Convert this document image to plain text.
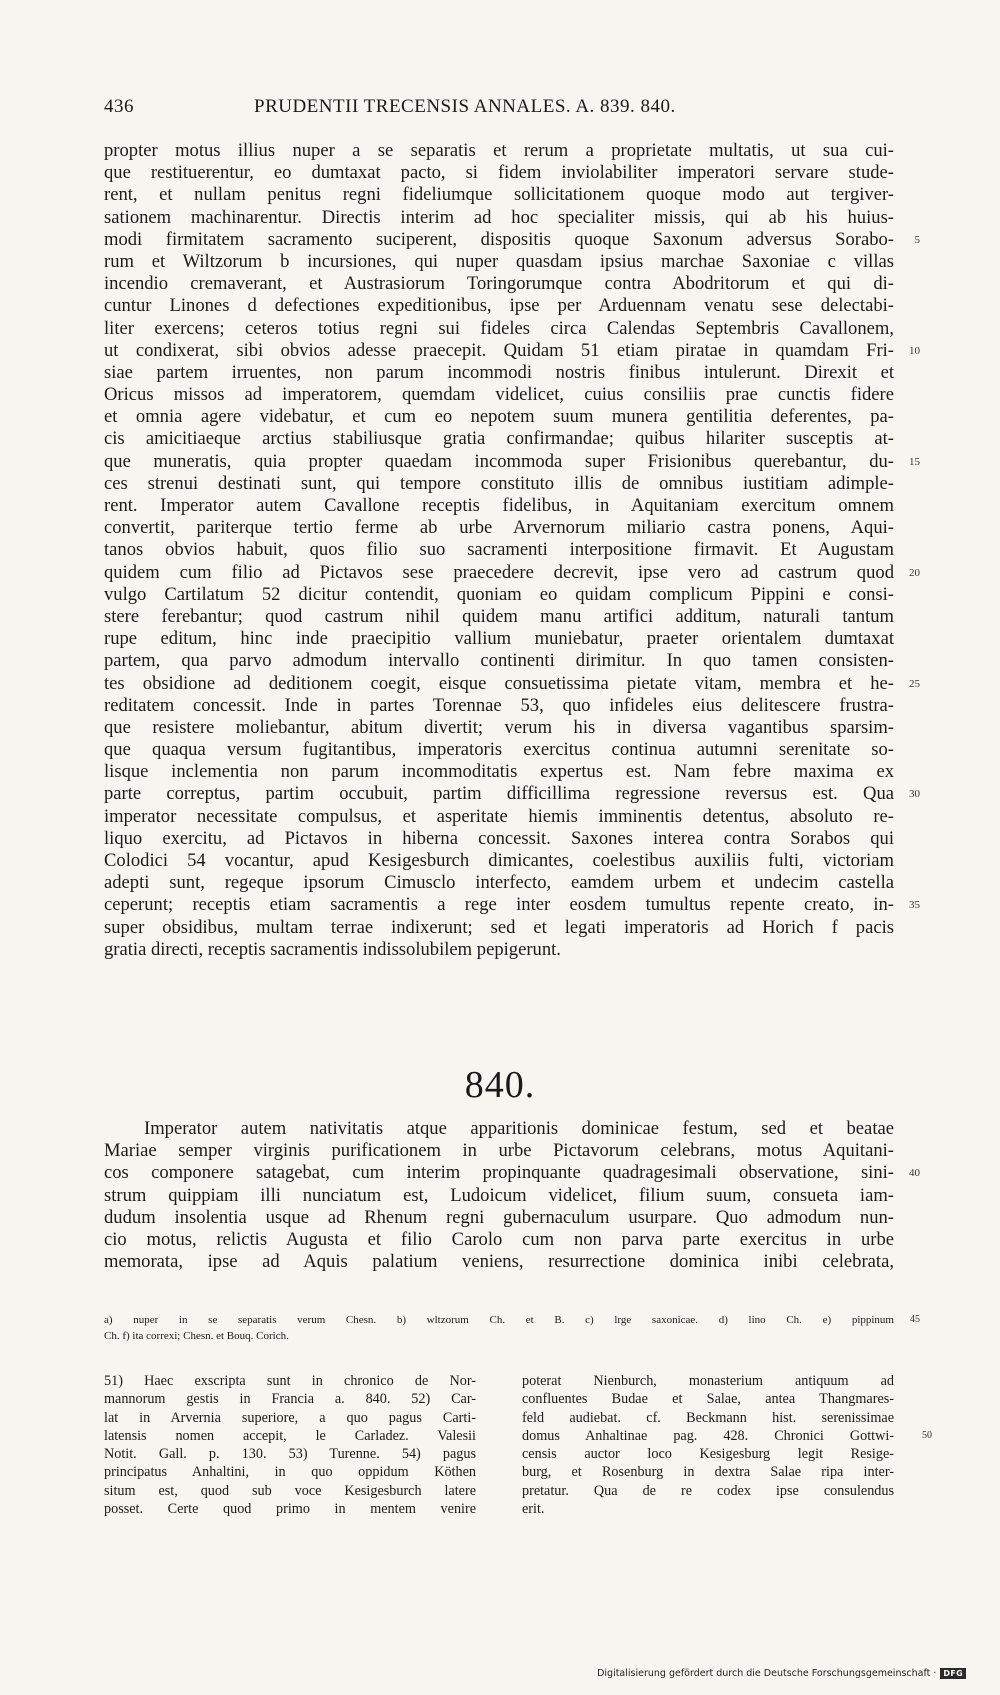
436	PRUDENTII TRECENSIS ANNALES. A. 839. 840.
propter motus illius nuper a se separatis et rerum a proprietate multatis, ut sua cui-
que restituerentur, eo dumtaxat pacto, si fidem inviolabiliter imperatori servare stude-
rent, et nullam penitus regni fideliumque sollicitationem quoque modo aut tergiver-
sationem machinarentur. Directis interim ad hoc specialiter missis, qui ab his huius-
modi firmitatem sacramento suciperent, dispositis quoque Saxonum adversus Sorabo- 5
rum et Wiltzorum b incursiones, qui nuper quasdam ipsius marchae Saxoniae c villas
incendio cremaverant, et Austrasiorum Toringorumque contra Abodritorum et qui di-
cuntur Linones d defectiones expeditionibus, ipse per Arduennam venatu sese delectabi-
liter exercens; ceteros totius regni sui fideles circa Calendas Septembris Cavallonem,
ut condixerat, sibi obvios adesse praecepit. Quidam 51 etiam piratae in quamdam Fri- 10
siae partem irruentes, non parum incommodi nostris finibus intulerunt. Direxit et
Oricus missos ad imperatorem, quemdam videlicet, cuius consiliis prae cunctis fidere
et omnia agere videbatur, et cum eo nepotem suum munera gentilitia deferentes, pa-
cis amicitiaeque arctius stabiliusque gratia confirmandae; quibus hilariter susceptis at-
que muneratis, quia propter quaedam incommoda super Frisionibus querebantur, du- 15
ces strenui destinati sunt, qui tempore constituto illis de omnibus iustitiam adimple-
rent. Imperator autem Cavallone receptis fidelibus, in Aquitaniam exercitum omnem
convertit, pariterque tertio ferme ab urbe Arvernorum miliario castra ponens, Aqui-
tanos obvios habuit, quos filio suo sacramenti interpositione firmavit. Et Augustam
quidem cum filio ad Pictavos sese praecedere decrevit, ipse vero ad castrum quod 20
vulgo Cartilatum 52 dicitur contendit, quoniam eo quidam complicum Pippini e consi-
stere ferebantur; quod castrum nihil quidem manu artifici additum, naturali tantum
rupe editum, hinc inde praecipitio vallium muniebatur, praeter orientalem dumtaxat
partem, qua parvo admodum intervallo continenti dirimitur. In quo tamen consisten-
tes obsidione ad deditionem coegit, eisque consuetissima pietate vitam, membra et he- 25
reditatem concessit. Inde in partes Torennae 53, quo infideles eius delitescere frustra-
que resistere moliebantur, abitum divertit; verum his in diversa vagantibus sparsim-
que quaqua versum fugitantibus, imperatoris exercitus continua autumni serenitate so-
lisque inclementia non parum incommoditatis expertus est. Nam febre maxima ex
parte correptus, partim occubuit, partim difficillima regressione reversus est. Qua 30
imperator necessitate compulsus, et asperitate hiemis imminentis detentus, absoluto re-
liquo exercitu, ad Pictavos in hiberna concessit. Saxones interea contra Sorabos qui
Colodici 54 vocantur, apud Kesigesburch dimicantes, coelestibus auxiliis fulti, victoriam
adepti sunt, regeque ipsorum Cimusclo interfecto, eamdem urbem et undecim castella
ceperunt; receptis etiam sacramentis a rege inter eosdem tumultus repente creato, in- 35
super obsidibus, multam terrae indixerunt; sed et legati imperatoris ad Horich f pacis
gratia directi, receptis sacramentis indissolubilem pepigerunt.
840.
Imperator autem nativitatis atque apparitionis dominicae festum, sed et beatae
Mariae semper virginis purificationem in urbe Pictavorum celebrans, motus Aquitani-
cos componere satagebat, cum interim propinquante quadragesimali observatione, sini- 40
strum quippiam illi nunciatum est, Ludoicum videlicet, filium suum, consueta iam-
dudum insolentia usque ad Rhenum regni gubernaculum usurpare. Quo admodum nun-
cio motus, relictis Augusta et filio Carolo cum non parva parte exercitus in urbe
memorata, ipse ad Aquis palatium veniens, resurrectione dominica inibi celebrata,
a) nuper in se separatis verum Chesn. b) wltzorum Ch. et B. c) lrge saxonicae. d) lino Ch. e) pippinum 45
Ch. f) ita correxi; Chesn. et Bouq. Corich.
51) Haec exscripta sunt in chronico de Nor-
mannorum gestis in Francia a. 840. 52) Car-
lat in Arvernia superiore, a quo pagus Carti-
latensis nomen accepit, le Carladez. Valesii
Notit. Gall. p. 130. 53) Turenne. 54) pagus
principatus Anhaltini, in quo oppidum Köthen
situm est, quod sub voce Kesigesburch latere
posset. Certe quod primo in mentem venire
poterat Nienburch, monasterium antiquum ad
confluentes Budae et Salae, antea Thangmares-
feld audiebat. cf. Beckmann hist. serenissimae
domus Anhaltinae pag. 428. Chronici Gottwi-	50
censis auctor loco Kesigesburg legit Resige-
burg, et Rosenburg in dextra Salae ripa inter-
pretatur. Qua de re codex ipse consulendus
erit.
Digitalisierung gefördert durch die Deutsche Forschungsgemeinschaft · DFG
